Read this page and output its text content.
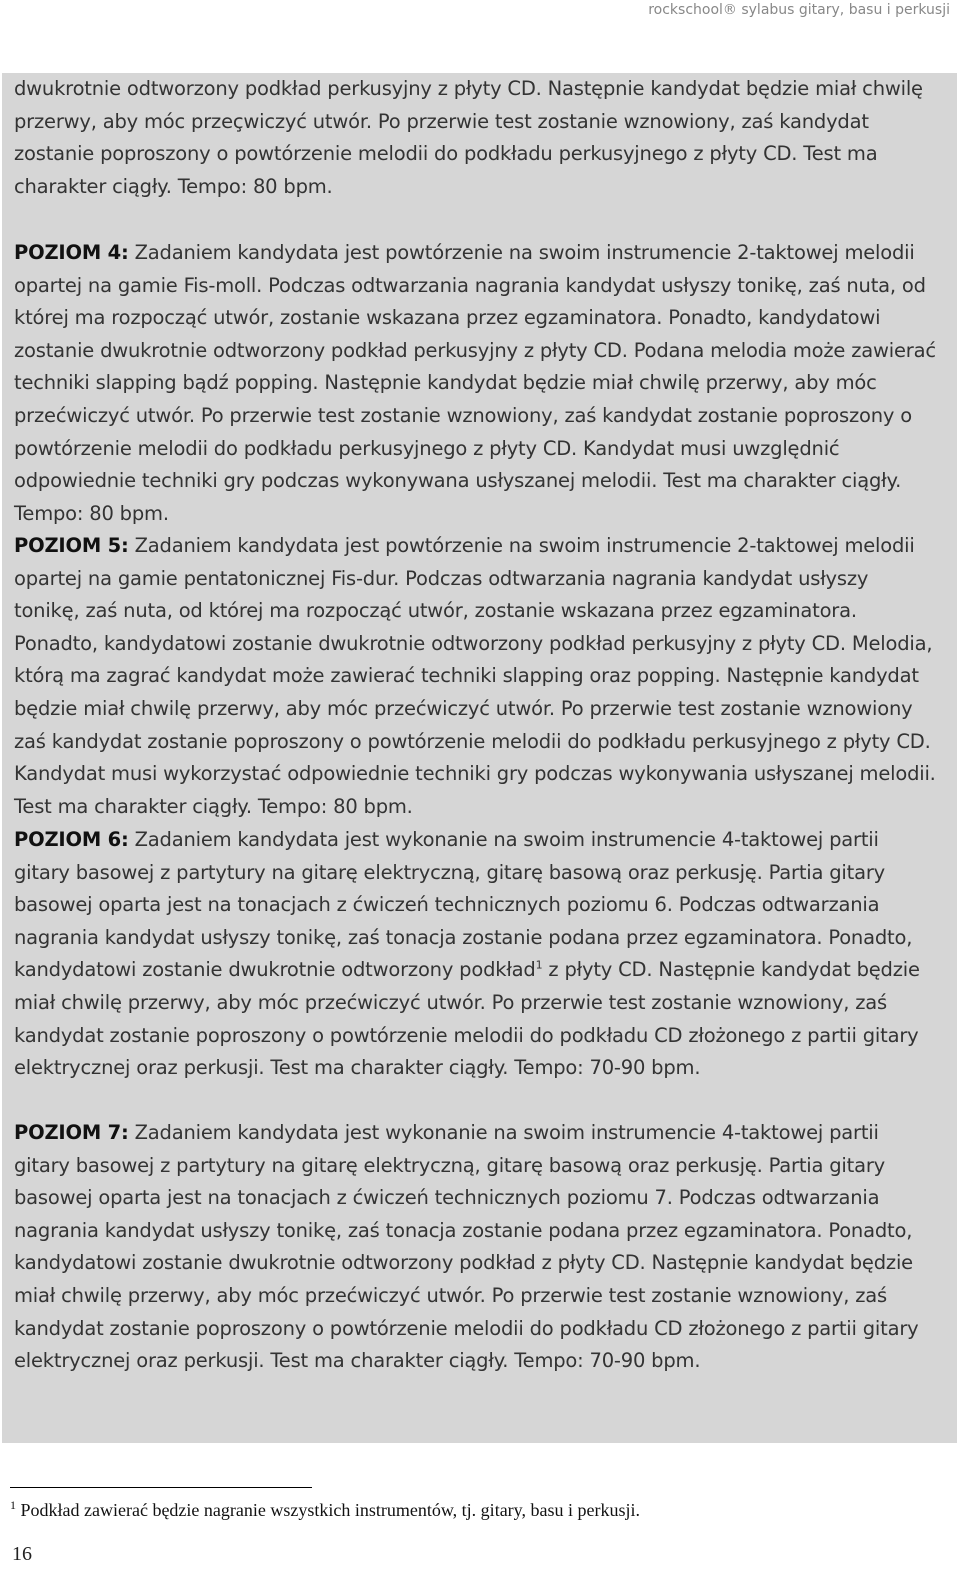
rockschool® sylabus gitary, basu i perkusji

dwukrotnie odtworzony podkład perkusyjny z płyty CD. Następnie kandydat będzie miał chwilę przerwy, aby móc przeçwiczyć utwór. Po przerwie test zostanie wznowiony, zaś kandydat zostanie poproszony o powtórzenie melodii do podkładu perkusyjnego z płyty CD. Test ma charakter ciągły. Tempo: 80 bpm.

POZIOM 4: Zadaniem kandydata jest powtórzenie na swoim instrumencie 2-taktowej melodii opartej na gamie Fis-moll. Podczas odtwarzania nagrania kandydat usłyszy tonikę, zaś nuta, od której ma rozpocząć utwór, zostanie wskazana przez egzaminatora. Ponadto, kandydatowi zostanie dwukrotnie odtworzony podkład perkusyjny z płyty CD. Podana melodia może zawierać techniki slapping bądź popping. Następnie kandydat będzie miał chwilę przerwy, aby móc przećwiczyć utwór. Po przerwie test zostanie wznowiony, zaś kandydat zostanie poproszony o powtórzenie melodii do podkładu perkusyjnego z płyty CD. Kandydat musi uwzględnić odpowiednie techniki gry podczas wykonywana usłyszanej melodii. Test ma charakter ciągły. Tempo: 80 bpm.

POZIOM 5: Zadaniem kandydata jest powtórzenie na swoim instrumencie 2-taktowej melodii opartej na gamie pentatonicznej Fis-dur. Podczas odtwarzania nagrania kandydat usłyszy tonikę, zaś nuta, od której ma rozpocząć utwór, zostanie wskazana przez egzaminatora. Ponadto, kandydatowi zostanie dwukrotnie odtworzony podkład perkusyjny z płyty CD. Melodia, którą ma zagrać kandydat może zawierać techniki slapping oraz popping. Następnie kandydat będzie miał chwilę przerwy, aby móc przećwiczyć utwór. Po przerwie test zostanie wznowiony zaś kandydat zostanie poproszony o powtórzenie melodii do podkładu perkusyjnego z płyty CD. Kandydat musi wykorzystać odpowiednie techniki gry podczas wykonywania usłyszanej melodii. Test ma charakter ciągły. Tempo: 80 bpm.

POZIOM 6: Zadaniem kandydata jest wykonanie na swoim instrumencie 4-taktowej partii gitary basowej z partytury na gitarę elektryczną, gitarę basową oraz perkusję. Partia gitary basowej oparta jest na tonacjach z ćwiczeń technicznych poziomu 6. Podczas odtwarzania nagrania kandydat usłyszy tonikę, zaś tonacja zostanie podana przez egzaminatora. Ponadto, kandydatowi zostanie dwukrotnie odtworzony podkład$^1$ z płyty CD. Następnie kandydat będzie miał chwilę przerwy, aby móc przećwiczyć utwór. Po przerwie test zostanie wznowiony, zaś kandydat zostanie poproszony o powtórzenie melodii do podkładu CD złożonego z partii gitary elektrycznej oraz perkusji. Test ma charakter ciągły. Tempo: 70-90 bpm.

POZIOM 7: Zadaniem kandydata jest wykonanie na swoim instrumencie 4-taktowej partii gitary basowej z partytury na gitarę elektryczną, gitarę basową oraz perkusję. Partia gitary basowej oparta jest na tonacjach z ćwiczeń technicznych poziomu 7. Podczas odtwarzania nagrania kandydat usłyszy tonikę, zaś tonacja zostanie podana przez egzaminatora. Ponadto, kandydatowi zostanie dwukrotnie odtworzony podkład z płyty CD. Następnie kandydat będzie miał chwilę przerwy, aby móc przećwiczyć utwór. Po przerwie test zostanie wznowiony, zaś kandydat zostanie poproszony o powtórzenie melodii do podkładu CD złożonego z partii gitary elektrycznej oraz perkusji. Test ma charakter ciągły. Tempo: 70-90 bpm.

$^1$ Podkład zawierać będzie nagranie wszystkich instrumentów, tj. gitary, basu i perkusji.
16
